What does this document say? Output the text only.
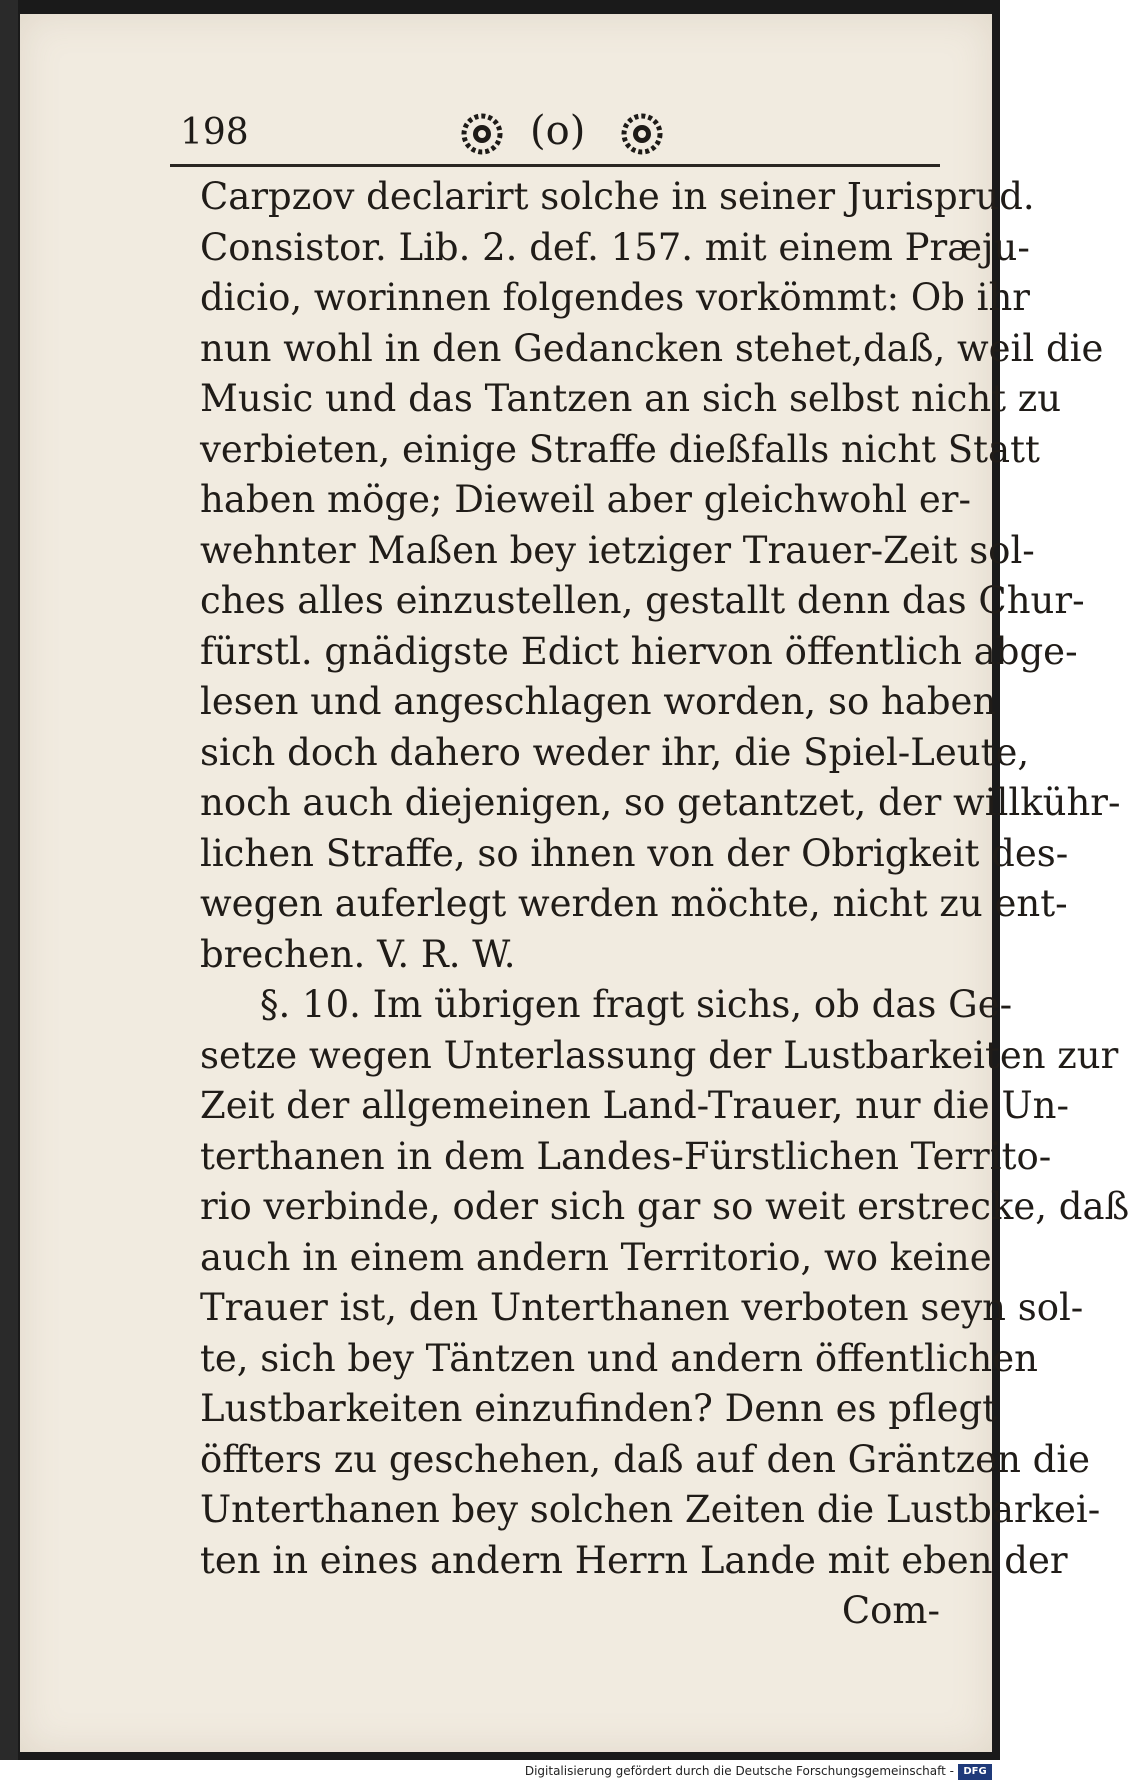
198	(o)
Carpzov declarirt solche in seiner Jurisprud.
Consistor. Lib. 2. def. 157. mit einem Præju-
dicio, worinnen folgendes vorkömmt: Ob ihr
nun wohl in den Gedancken stehet,daß, weil die
Music und das Tantzen an sich selbst nicht zu
verbieten, einige Straffe dießfalls nicht Statt
haben möge; Dieweil aber gleichwohl er-
wehnter Maßen bey ietziger Trauer-Zeit sol-
ches alles einzustellen, gestallt denn das Chur-
fürstl. gnädigste Edict hiervon öffentlich abge-
lesen und angeschlagen worden, so haben
sich doch dahero weder ihr, die Spiel-Leute,
noch auch diejenigen, so getantzet, der willkühr-
lichen Straffe, so ihnen von der Obrigkeit des-
wegen auferlegt werden möchte, nicht zu ent-
brechen. V. R. W.
§. 10. Im übrigen fragt sichs, ob das Ge-
setze wegen Unterlassung der Lustbarkeiten zur
Zeit der allgemeinen Land-Trauer, nur die Un-
terthanen in dem Landes-Fürstlichen Territo-
rio verbinde, oder sich gar so weit erstrecke, daß
auch in einem andern Territorio, wo keine
Trauer ist, den Unterthanen verboten seyn sol-
te, sich bey Täntzen und andern öffentlichen
Lustbarkeiten einzufinden? Denn es pflegt
öffters zu geschehen, daß auf den Gräntzen die
Unterthanen bey solchen Zeiten die Lustbarkei-
ten in eines andern Herrn Lande mit eben der
Com-
Digitalisierung gefördert durch die Deutsche Forschungsgemeinschaft - DFG
